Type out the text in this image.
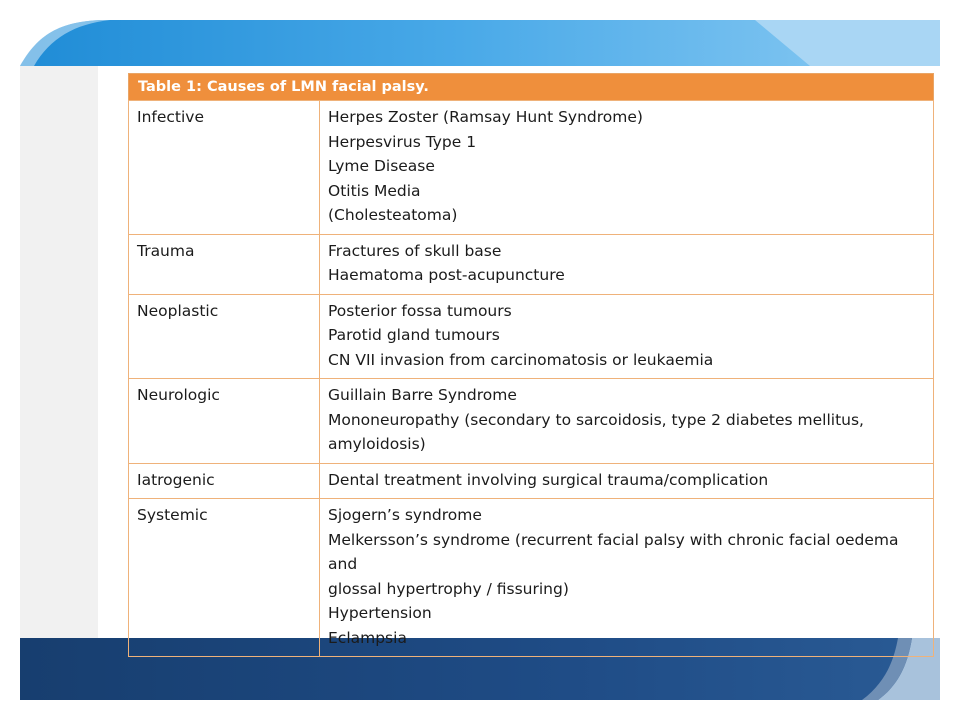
Table 1: Causes of LMN facial palsy.
Infective	Herpes Zoster (Ramsay Hunt Syndrome)
Herpesvirus Type 1
Lyme Disease
Otitis Media
(Cholesteatoma)

Trauma	Fractures of skull base
Haematoma post-acupuncture

Neoplastic	Posterior fossa tumours
Parotid gland tumours
CN VII invasion from carcinomatosis or leukaemia

Neurologic	Guillain Barre Syndrome
Mononeuropathy (secondary to sarcoidosis, type 2 diabetes mellitus,
amyloidosis)

Iatrogenic	Dental treatment involving surgical trauma/complication

Systemic	Sjogern’s syndrome
Melkersson’s syndrome (recurrent facial palsy with chronic facial oedema and
glossal hypertrophy / fissuring)
Hypertension
Eclampsia
